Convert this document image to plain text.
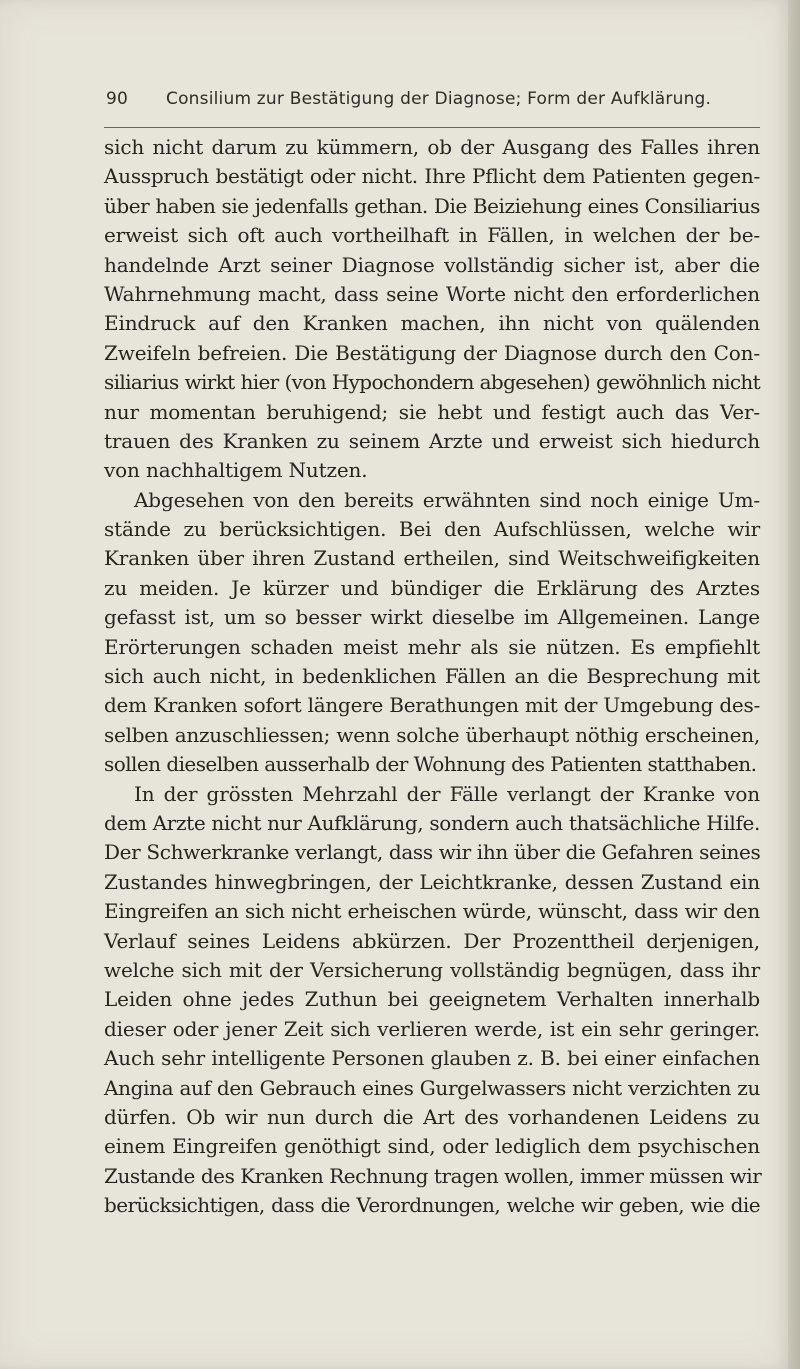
90 Consilium zur Bestätigung der Diagnose; Form der Aufklärung.
sich nicht darum zu kümmern, ob der Ausgang des Falles ihren
Ausspruch bestätigt oder nicht. Ihre Pflicht dem Patienten gegen-
über haben sie jedenfalls gethan. Die Beiziehung eines Consiliarius
erweist sich oft auch vortheilhaft in Fällen, in welchen der be-
handelnde Arzt seiner Diagnose vollständig sicher ist, aber die
Wahrnehmung macht, dass seine Worte nicht den erforderlichen
Eindruck auf den Kranken machen, ihn nicht von quälenden
Zweifeln befreien. Die Bestätigung der Diagnose durch den Con-
siliarius wirkt hier (von Hypochondern abgesehen) gewöhnlich nicht
nur momentan beruhigend; sie hebt und festigt auch das Ver-
trauen des Kranken zu seinem Arzte und erweist sich hiedurch
von nachhaltigem Nutzen.
Abgesehen von den bereits erwähnten sind noch einige Um-
stände zu berücksichtigen. Bei den Aufschlüssen, welche wir
Kranken über ihren Zustand ertheilen, sind Weitschweifigkeiten
zu meiden. Je kürzer und bündiger die Erklärung des Arztes
gefasst ist, um so besser wirkt dieselbe im Allgemeinen. Lange
Erörterungen schaden meist mehr als sie nützen. Es empfiehlt
sich auch nicht, in bedenklichen Fällen an die Besprechung mit
dem Kranken sofort längere Berathungen mit der Umgebung des-
selben anzuschliessen; wenn solche überhaupt nöthig erscheinen,
sollen dieselben ausserhalb der Wohnung des Patienten statthaben.
In der grössten Mehrzahl der Fälle verlangt der Kranke von
dem Arzte nicht nur Aufklärung, sondern auch thatsächliche Hilfe.
Der Schwerkranke verlangt, dass wir ihn über die Gefahren seines
Zustandes hinwegbringen, der Leichtkranke, dessen Zustand ein
Eingreifen an sich nicht erheischen würde, wünscht, dass wir den
Verlauf seines Leidens abkürzen. Der Prozenttheil derjenigen,
welche sich mit der Versicherung vollständig begnügen, dass ihr
Leiden ohne jedes Zuthun bei geeignetem Verhalten innerhalb
dieser oder jener Zeit sich verlieren werde, ist ein sehr geringer.
Auch sehr intelligente Personen glauben z. B. bei einer einfachen
Angina auf den Gebrauch eines Gurgelwassers nicht verzichten zu
dürfen. Ob wir nun durch die Art des vorhandenen Leidens zu
einem Eingreifen genöthigt sind, oder lediglich dem psychischen
Zustande des Kranken Rechnung tragen wollen, immer müssen wir
berücksichtigen, dass die Verordnungen, welche wir geben, wie die
